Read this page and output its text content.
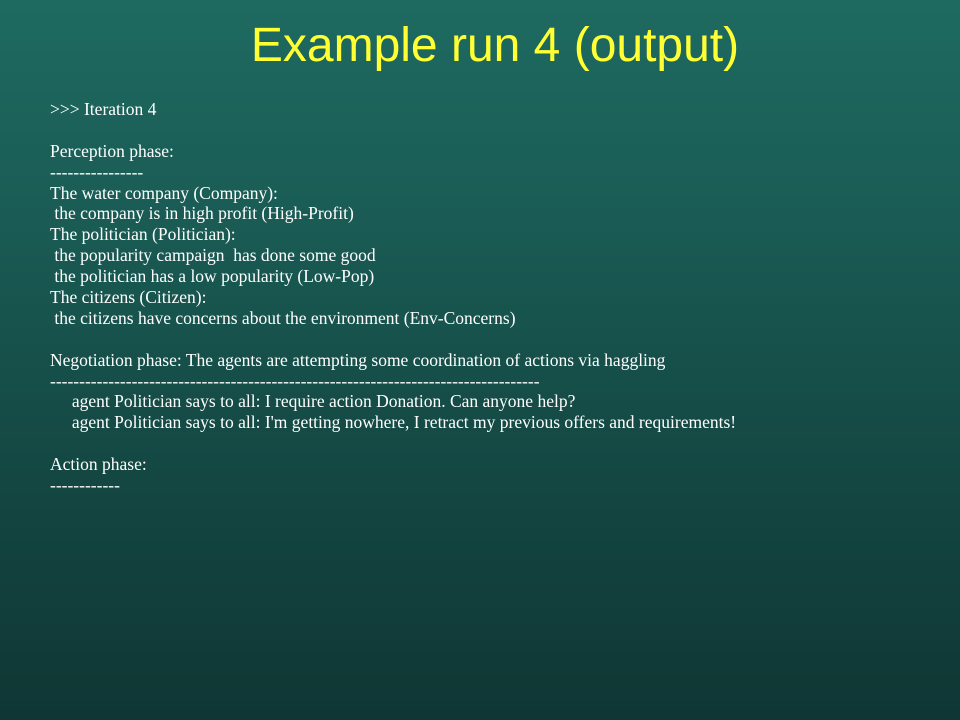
Example run 4 (output)
>>> Iteration 4
Perception phase:
----------------
The water company (Company):
the company is in high profit (High-Profit)
The politician (Politician):
the popularity campaign  has done some good
the politician has a low popularity (Low-Pop)
The citizens (Citizen):
the citizens have concerns about the environment (Env-Concerns)
Negotiation phase: The agents are attempting some coordination of actions via haggling
------------------------------------------------------------------------------------
agent Politician says to all: I require action Donation. Can anyone help?
agent Politician says to all: I'm getting nowhere, I retract my previous offers and requirements!
Action phase:
------------
